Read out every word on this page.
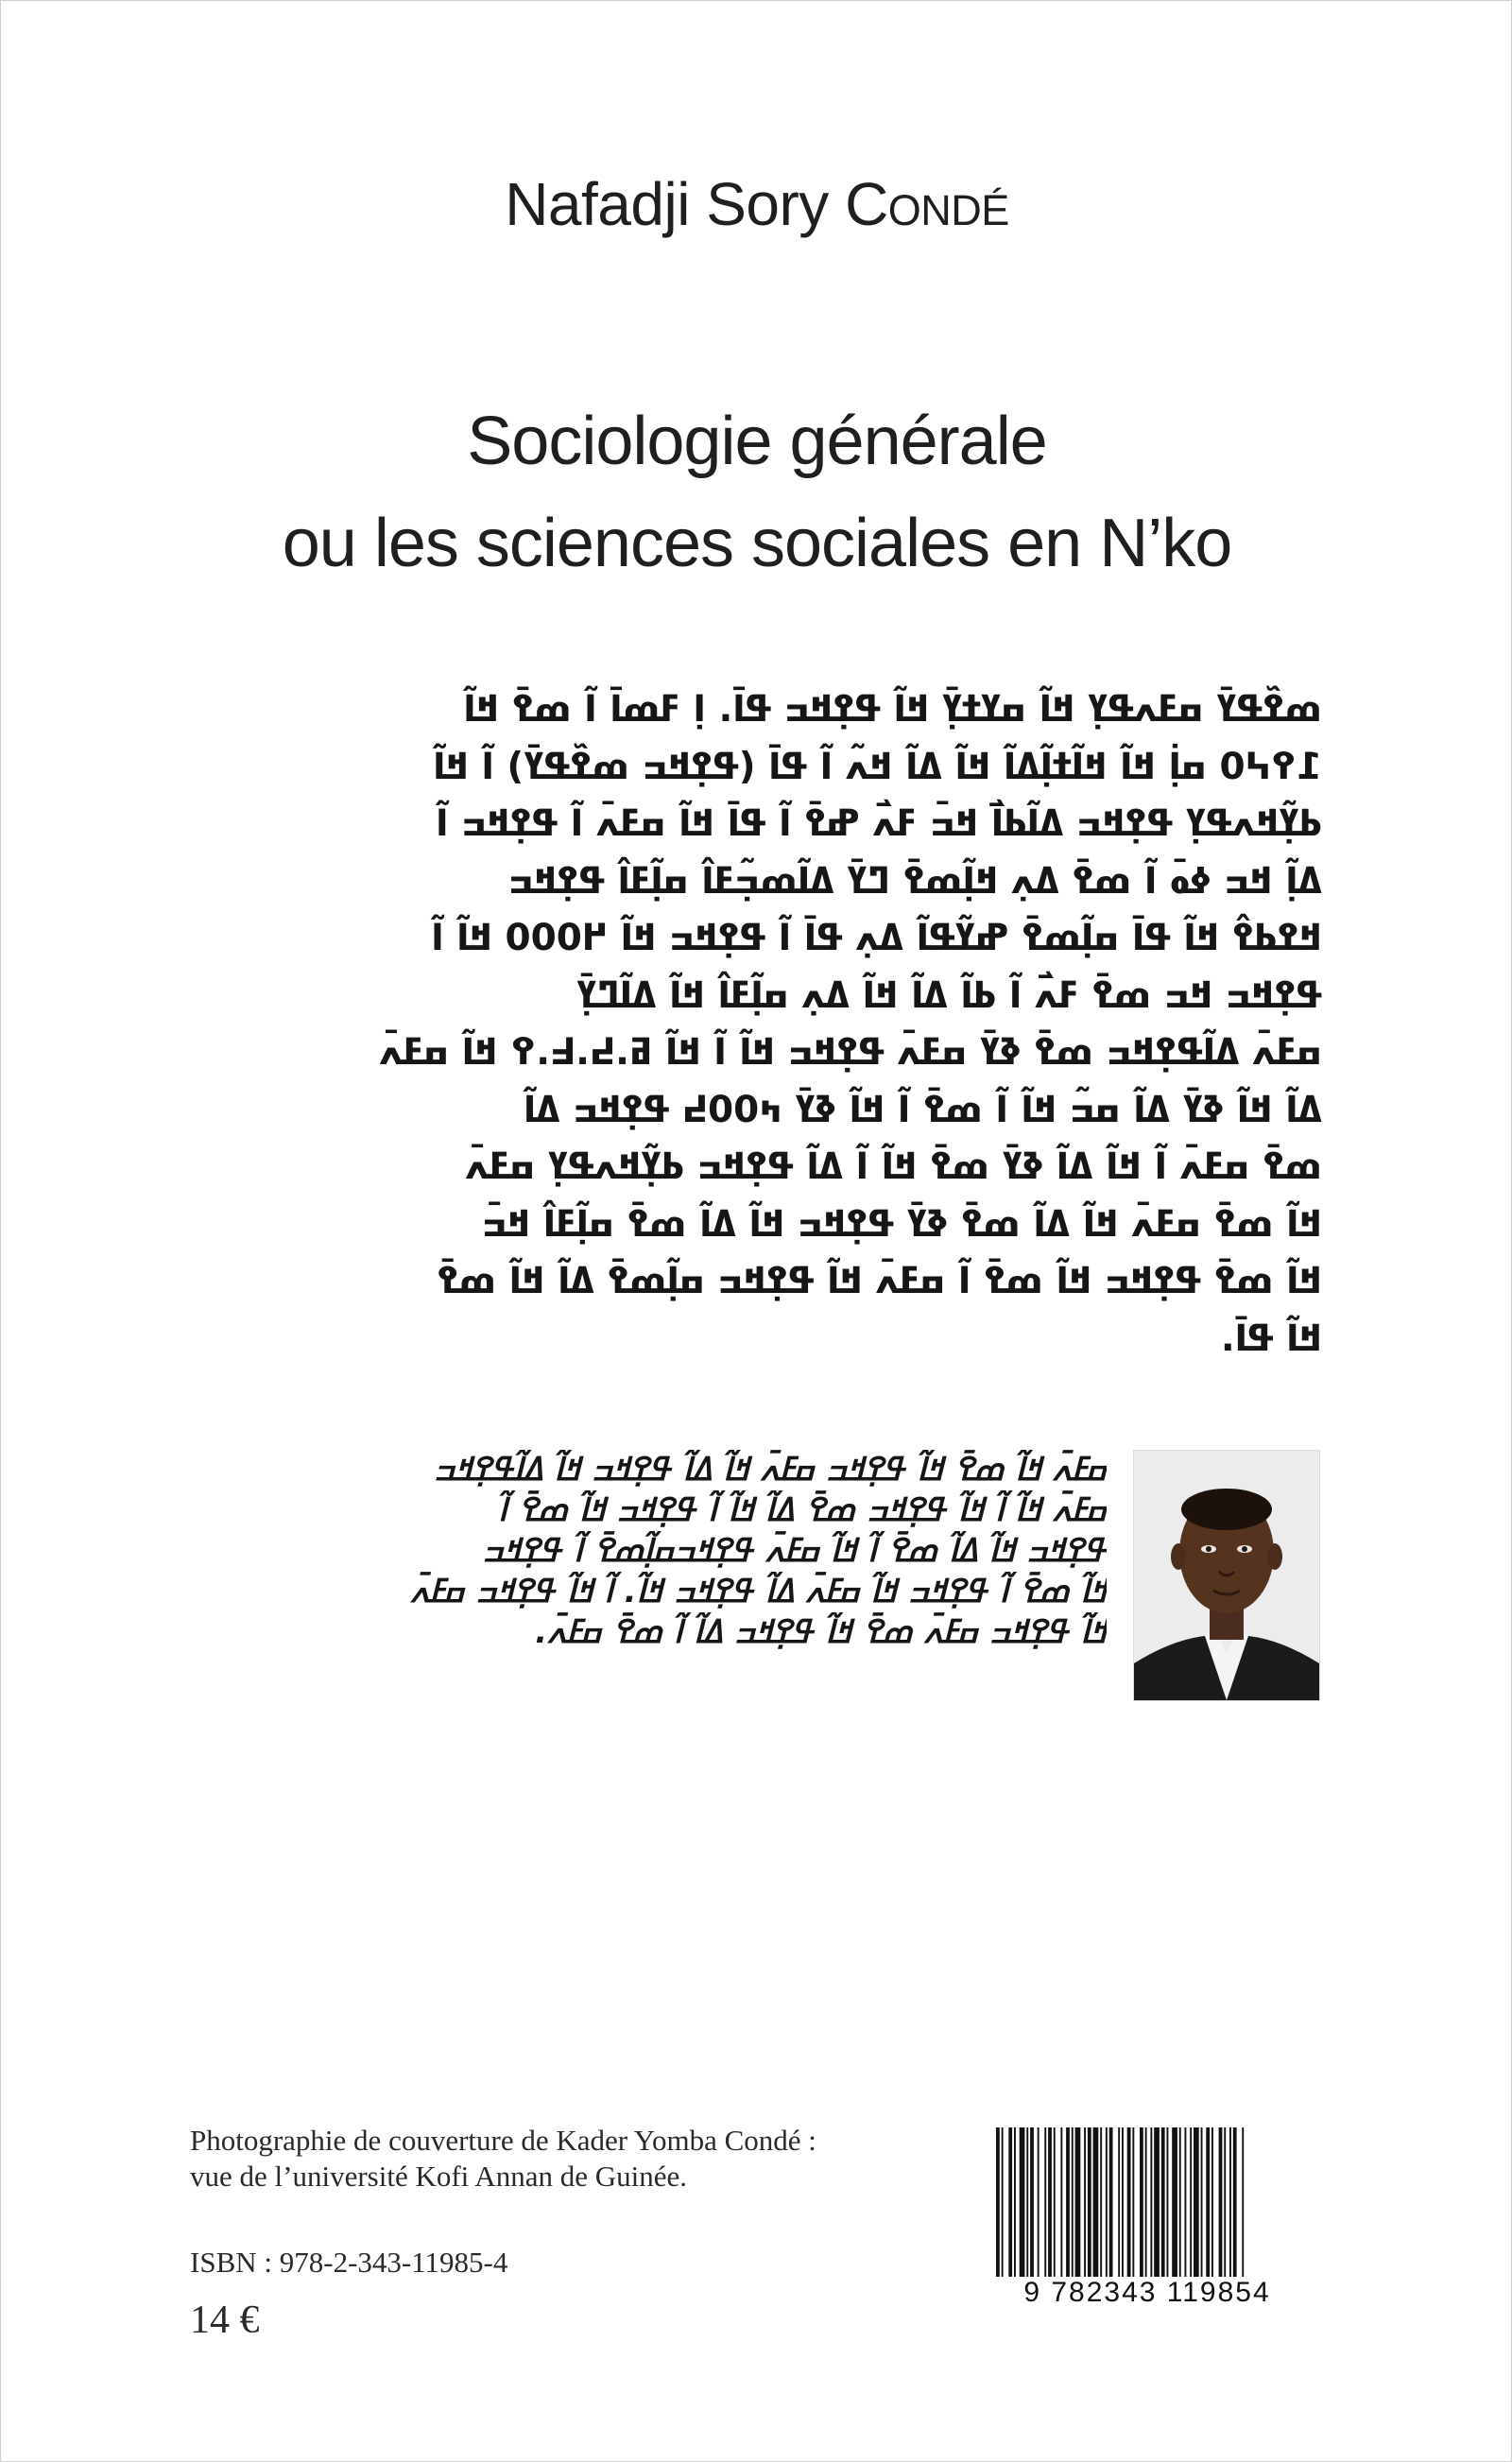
Nafadji Sory Condé
Sociologie générale
ou les sciences sociales en N’ko
ߘߐ߰ߟߌ߫ ߛߓߍߟߌ߲ ߞߊ߬ ߛߌߙߌ߲߫ ߞߊ߬ ߟߐ߲ߞߏ ߟߊ߫. ߊ߲ ߓߘߊ߫ ߊ߬ ߘߐ߫ ߞߊ߬
߁߉߆߀ ߛߊ߲߭ ߞߊ߬ ߞߊ߬ߙߊ߲߬ߡߊ߬ ߞߊ߬ ߡߊ߬ ߞߍ߬ ߊ߬ ߟߊ߫ (ߟߐ߲ߞߏ ߘߐ߰ߟߌ߫) ߊ߬ ߞߊ߬
ߕߌ߲߬ߞߍߟߌ߲ ߟߐ߲ߞߏ ߡߊ߬ߕߊ߯ ߞߏ߫ ߓߍ߯ ߝߐ߫ ߊ߬ ߟߊ߫ ߞߊ߬ ߛߓߍ߫ ߊ߬ ߟߐ߲ߞߏ ߊ߬
ߡߊ߲߬ ߞߏ ߦߋ߫ ߊ߬ ߘߐ߫ ߡߍ߲ ߞߊ߲߬ߘߐ߫ ߣߌ߫ ߡߊ߬ߘߏ߲߬ߓߊ߮ ߛߊ߲߬ߓߊ߮ ߟߐ߲ߞߏ
ߞߐߕߐ߮ ߞߊ߬ ߟߊ߫ ߛߊ߲߬ߘߐ߫ ߝߌ߬ߟߊ߬ ߡߍ߲ ߟߊ߫ ߊ߬ ߟߐ߲ߞߏ ߞߊ߬ ߂߀߀߀ ߞߊ߬ ߊ߬
ߟߐ߲ߞߏ ߞߏ ߘߐ߫ ߓߍ߯ ߊ߬ ߕߊ߬ ߡߊ߬ ߞߊ߬ ߡߍ߲ ߛߊ߲߬ߓߊ߮ ߞߊ߬ ߡߊ߬ߣߌ߲߫
ߛߓߍ߫ ߡߊ߬ߟߐ߲ߞߏ ߘߐ߫ ߢߌ߫ ߛߓߍ߫ ߟߐ߲ߞߏ ߞߊ߬ ߊ߬ ߞߊ߬ ߥ.߄.߃.߉ ߞߊ߬ ߛߓߍ߫
ߡߊ߬ ߞߊ߬ ߢߌ߫ ߡߊ߬ ߛߏ߬ ߞߊ߬ ߊ߬ ߘߐ߫ ߊ߬ ߞߊ߬ ߢߌ߫ ߤ߀߀߄ ߟߐ߲ߞߏ ߡߊ߬
ߘߐ߫ ߛߓߍ߫ ߊ߬ ߞߊ߬ ߡߊ߬ ߢߌ߫ ߘߐ߫ ߞߊ߬ ߊ߬ ߡߊ߬ ߟߐ߲ߞߏ ߕߌ߲߬ߞߍߟߌ߲ ߛߓߍ߫
ߞߊ߬ ߘߐ߫ ߛߓߍ߫ ߞߊ߬ ߡߊ߬ ߘߐ߫ ߢߌ߫ ߟߐ߲ߞߏ ߞߊ߬ ߡߊ߬ ߘߐ߫ ߛߊ߲߬ߓߊ߮ ߞߏ߫
ߞߊ߬ ߘߐ߫ ߟߐ߲ߞߏ ߞߊ߬ ߘߐ߫ ߊ߬ ߛߓߍ߫ ߞߊ߬ ߟߐ߲ߞߏ ߛߊ߲߬ߘߐ߫ ߡߊ߬ ߞߊ߬ ߘߐ߫
ߞߊ߬ ߟߊ߫.
ߛߓߍ߫ ߞߊ߬ ߘߐ߫ ߞߊ߬ ߟߐ߲ߞߏ ߛߓߍ߫ ߞߊ߬ ߡߊ߬ ߟߐ߲ߞߏ ߞߊ߬ ߡߊ߬ߟߐ߲ߞߏ
ߛߓߍ߫ ߞߊ߬ ߊ߬ ߞߊ߬ ߟߐ߲ߞߏ ߘߐ߫ ߡߊ߬ ߞߊ߬ ߊ߬ ߟߐ߲ߞߏ ߞߊ߬ ߘߐ߫ ߊ߬
ߟߐ߲ߞߏ ߞߊ߬ ߡߊ߬ ߘߐ߫ ߊ߬ ߞߊ߬ ߛߓߍ߫ ߟߐ߲ߞߏߛߊ߲߬ߘߐ߫ ߊ߬ ߟߐ߲ߞߏ
ߞߊ߬ ߘߐ߫ ߊ߬ ߟߐ߲ߞߏ ߞߊ߬ ߛߓߍ߫ ߡߊ߬ ߟߐ߲ߞߏ ߞߊ߬. ߊ߬ ߞߊ߬ ߟߐ߲ߞߏ ߛߓߍ߫
ߞߊ߬ ߟߐ߲ߞߏ ߛߓߍ߫ ߘߐ߫ ߞߊ߬ ߟߐ߲ߞߏ ߡߊ߬ ߊ߬ ߘߐ߫ ߛߓߍ߫.
Photographie de couverture de Kader Yomba Condé :
vue de l’université Kofi Annan de Guinée.
ISBN : 978-2-343-11985-4
14 €
9 782343 119854
